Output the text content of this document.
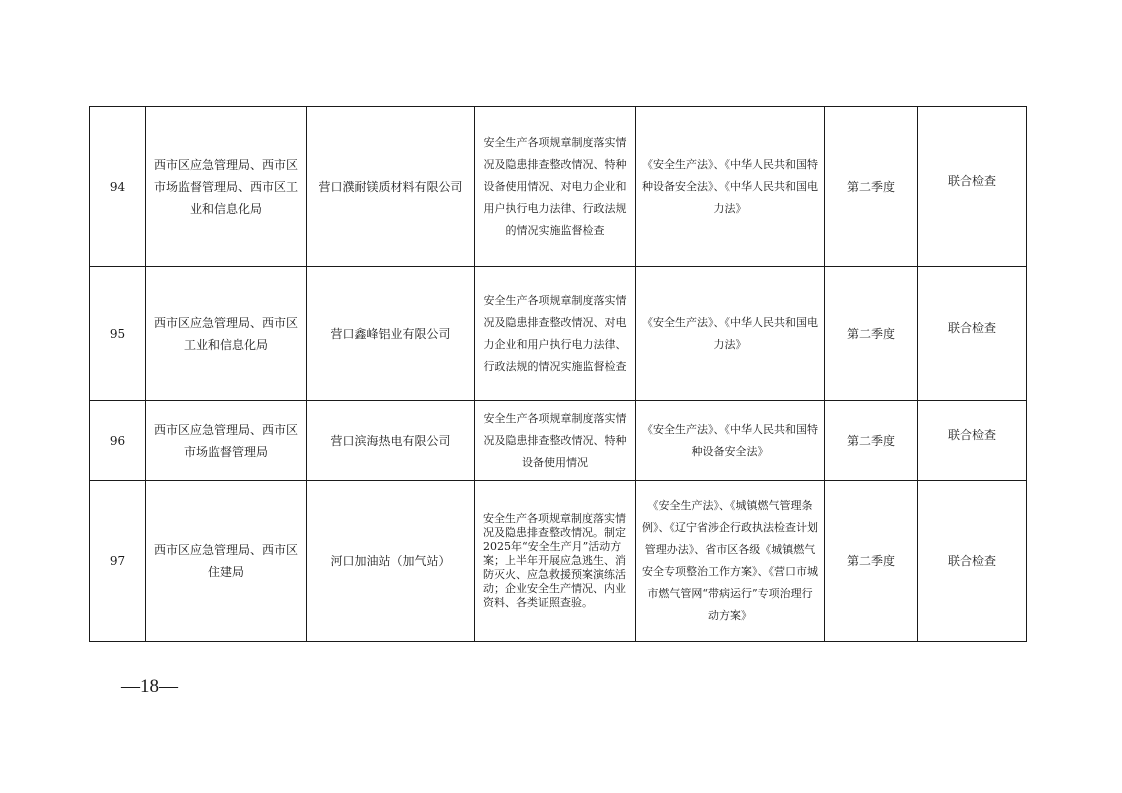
94	西市区应急管理局、西市区市场监督管理局、西市区工业和信息化局	营口濮耐镁质材料有限公司	安全生产各项规章制度落实情况及隐患排查整改情况、特种设备使用情况、对电力企业和用户执行电力法律、行政法规的情况实施监督检查	《安全生产法》、《中华人民共和国特种设备安全法》、《中华人民共和国电力法》	第二季度	联合检查

95	西市区应急管理局、西市区工业和信息化局	营口鑫峰铝业有限公司	安全生产各项规章制度落实情况及隐患排查整改情况、对电力企业和用户执行电力法律、行政法规的情况实施监督检查	《安全生产法》、《中华人民共和国电力法》	第二季度	联合检查

96	西市区应急管理局、西市区市场监督管理局	营口滨海热电有限公司	安全生产各项规章制度落实情况及隐患排查整改情况、特种设备使用情况	《安全生产法》、《中华人民共和国特种设备安全法》	第二季度	联合检查

97	西市区应急管理局、西市区住建局	河口加油站（加气站）	安全生产各项规章制度落实情况及隐患排查整改情况。制定2025年“安全生产月”活动方案；上半年开展应急逃生、消防灭火、应急救援预案演练活动；企业安全生产情况、内业资料、各类证照查验。	《安全生产法》、《城镇燃气管理条例》、《辽宁省涉企行政执法检查计划管理办法》、省市区各级《城镇燃气安全专项整治工作方案》、《营口市城市燃气管网“带病运行”专项治理行动方案》	第二季度	联合检查
—18—
